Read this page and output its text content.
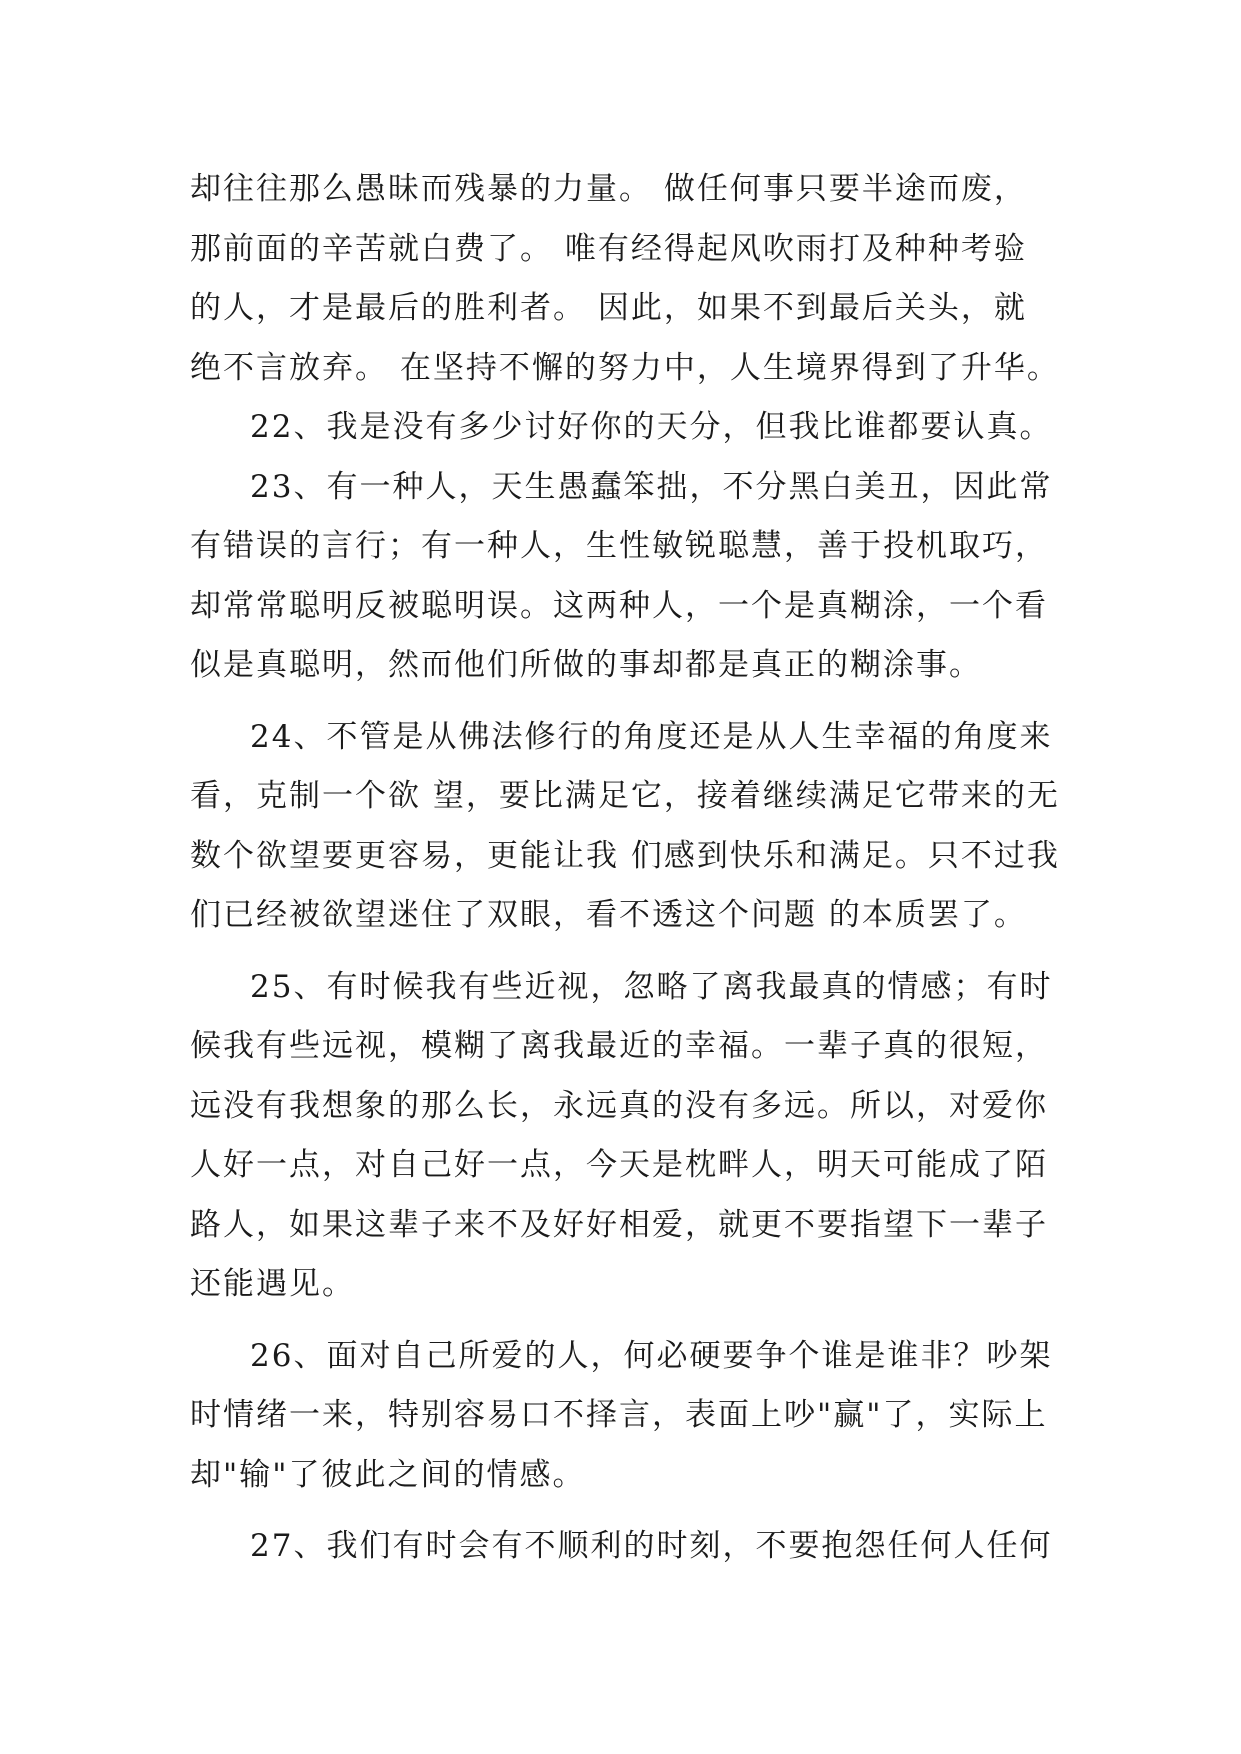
却往往那么愚昧而残暴的力量。 做任何事只要半途而废， 那前面的辛苦就白费了。 唯有经得起风吹雨打及种种考验 的人，才是最后的胜利者。 因此，如果不到最后关头，就 绝不言放弃。 在坚持不懈的努力中，人生境界得到了升华。

22、我是没有多少讨好你的天分，但我比谁都要认真。

23、有一种人，天生愚蠢笨拙，不分黑白美丑，因此常有错误的言行；有一种人，生性敏锐聪慧，善于投机取巧，却常常聪明反被聪明误。这两种人，一个是真糊涂，一个看似是真聪明，然而他们所做的事却都是真正的糊涂事。

24、不管是从佛法修行的角度还是从人生幸福的角度来看，克制一个欲 望，要比满足它，接着继续满足它带来的无数个欲望要更容易，更能让我 们感到快乐和满足。只不过我们已经被欲望迷住了双眼，看不透这个问题 的本质罢了。

25、有时候我有些近视，忽略了离我最真的情感；有时候我有些远视，模糊了离我最近的幸福。一辈子真的很短，远没有我想象的那么长，永远真的没有多远。所以，对爱你人好一点，对自己好一点，今天是枕畔人，明天可能成了陌路人，如果这辈子来不及好好相爱，就更不要指望下一辈子还能遇见。

26、面对自己所爱的人，何必硬要争个谁是谁非？吵架时情绪一来，特别容易口不择言，表面上吵"赢"了，实际上却"输"了彼此之间的情感。

27、我们有时会有不顺利的时刻，不要抱怨任何人任何
